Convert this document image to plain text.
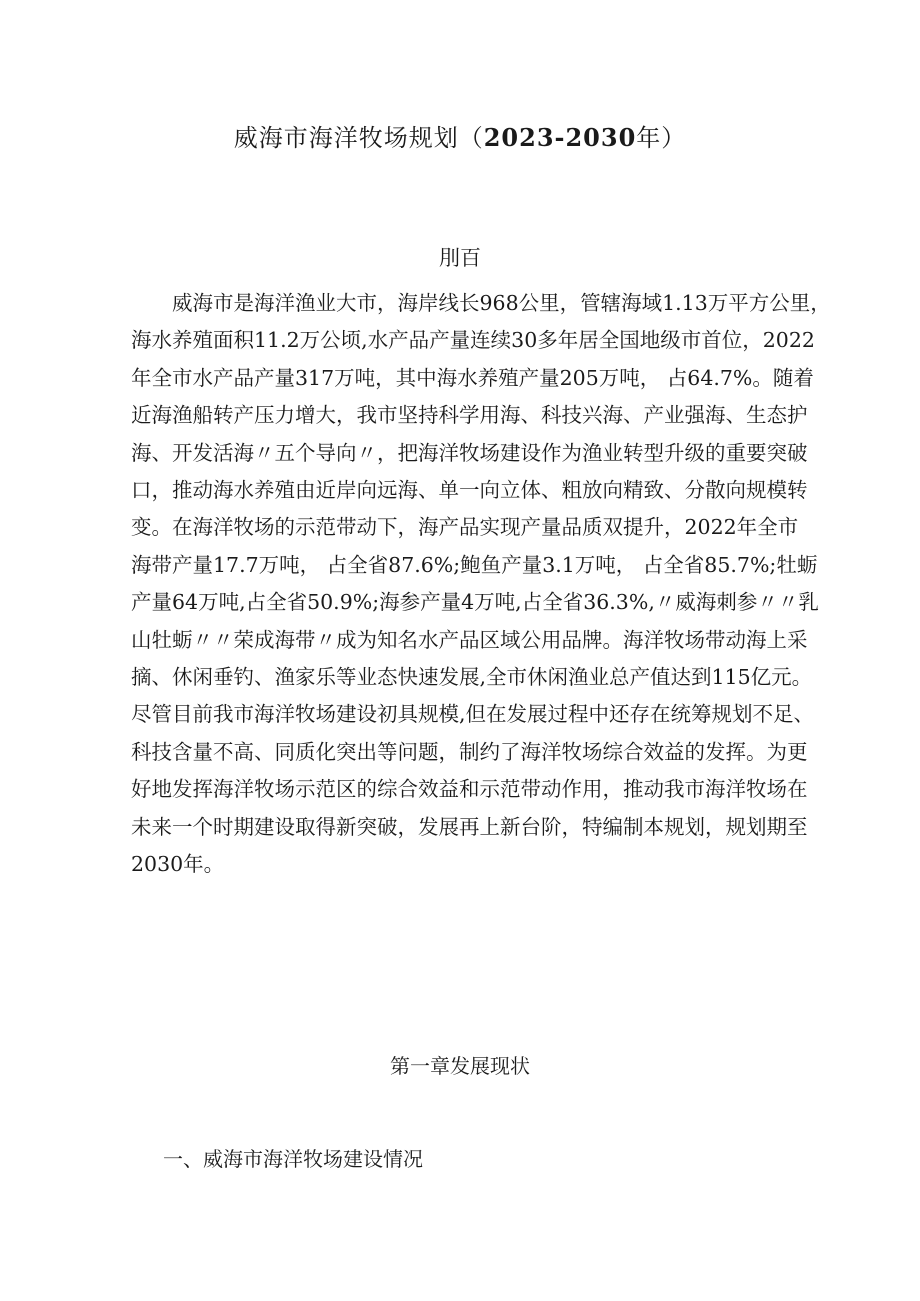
威海市海洋牧场规划（2023-2030年）
刖百

威海市是海洋渔业大市，海岸线长968公里，管辖海域1.13万平方公里，
海水养殖面积11.2万公顷,水产品产量连续30多年居全国地级市首位，2022
年全市水产品产量317万吨，其中海水养殖产量205万吨， 占64.7%。随着
近海渔船转产压力增大，我市坚持科学用海、科技兴海、产业强海、生态护
海、开发活海〃五个导向〃，把海洋牧场建设作为渔业转型升级的重要突破
口，推动海水养殖由近岸向远海、单一向立体、粗放向精致、分散向规模转
变。在海洋牧场的示范带动下，海产品实现产量品质双提升，2022年全市
海带产量17.7万吨， 占全省87.6%;鲍鱼产量3.1万吨， 占全省85.7%;牡蛎
产量64万吨,占全省50.9%;海参产量4万吨,占全省36.3%,〃威海刺参〃〃乳
山牡蛎〃〃荣成海带〃成为知名水产品区域公用品牌。海洋牧场带动海上采
摘、休闲垂钓、渔家乐等业态快速发展,全市休闲渔业总产值达到115亿元。
尽管目前我市海洋牧场建设初具规模,但在发展过程中还存在统筹规划不足、
科技含量不高、同质化突出等问题，制约了海洋牧场综合效益的发挥。为更
好地发挥海洋牧场示范区的综合效益和示范带动作用，推动我市海洋牧场在
未来一个时期建设取得新突破，发展再上新台阶，特编制本规划，规划期至
2030年。

第一章发展现状
一、威海市海洋牧场建设情况
